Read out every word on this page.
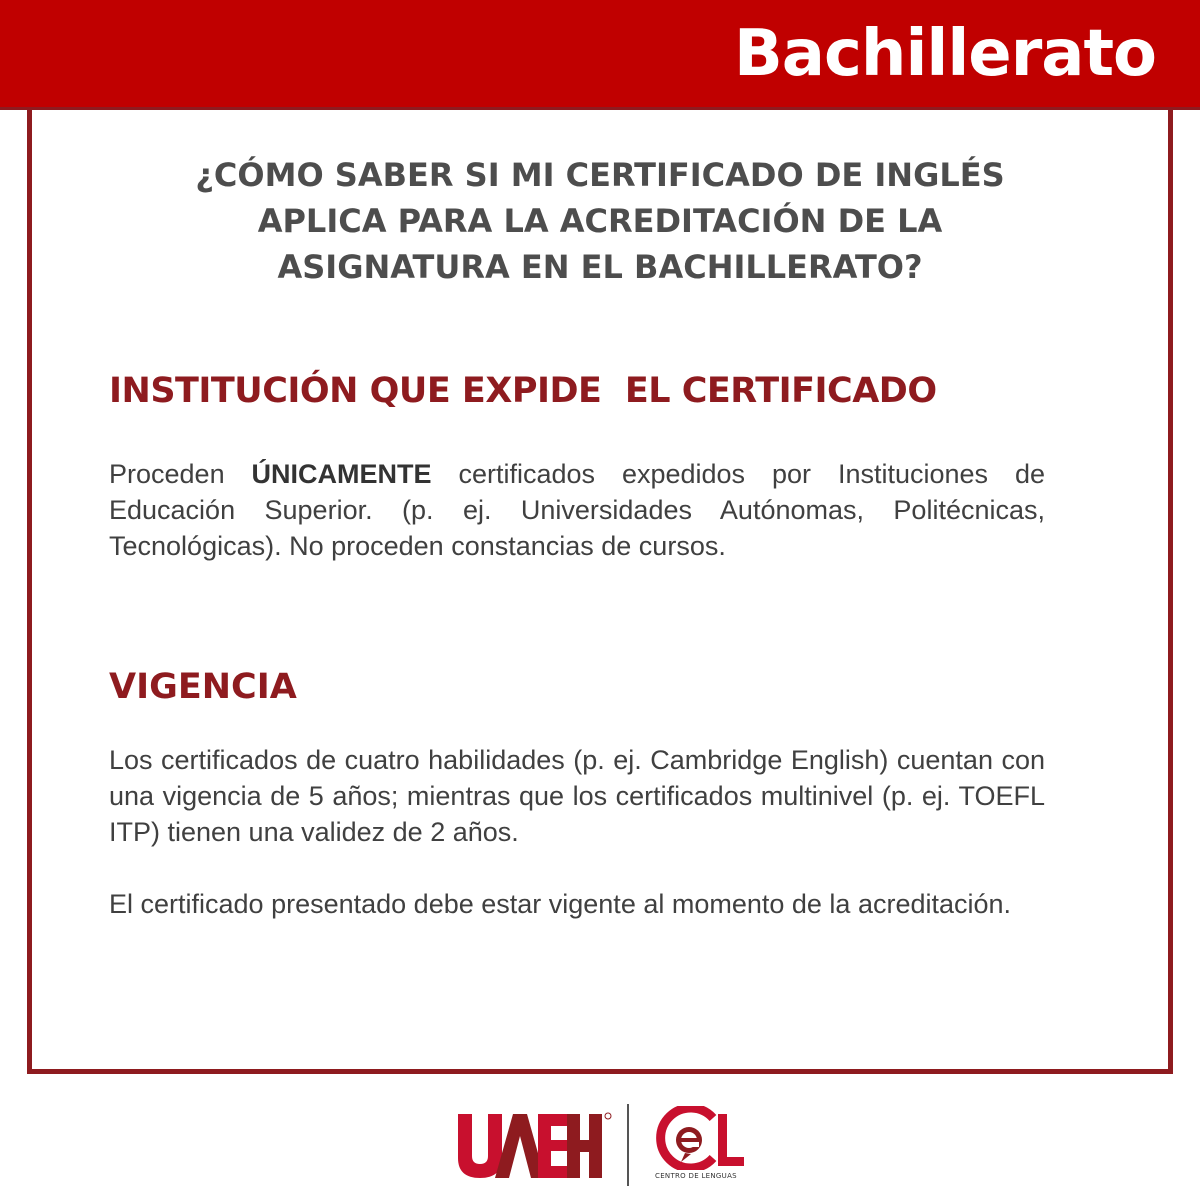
Bachillerato
¿CÓMO SABER SI MI CERTIFICADO DE INGLÉS
APLICA PARA LA ACREDITACIÓN DE LA
ASIGNATURA EN EL BACHILLERATO?
INSTITUCIÓN QUE EXPIDE  EL CERTIFICADO

Proceden ÚNICAMENTE certificados expedidos por Instituciones de Educación Superior. (p. ej. Universidades Autónomas, Politécnicas, Tecnológicas). No proceden constancias de cursos.

VIGENCIA

Los certificados de cuatro habilidades (p. ej. Cambridge English) cuentan con una vigencia de 5 años; mientras que los certificados multinivel (p. ej. TOEFL ITP) tienen una validez de 2 años.

El certificado presentado debe estar vigente al momento de la acreditación.

CENTRO DE LENGUAS
